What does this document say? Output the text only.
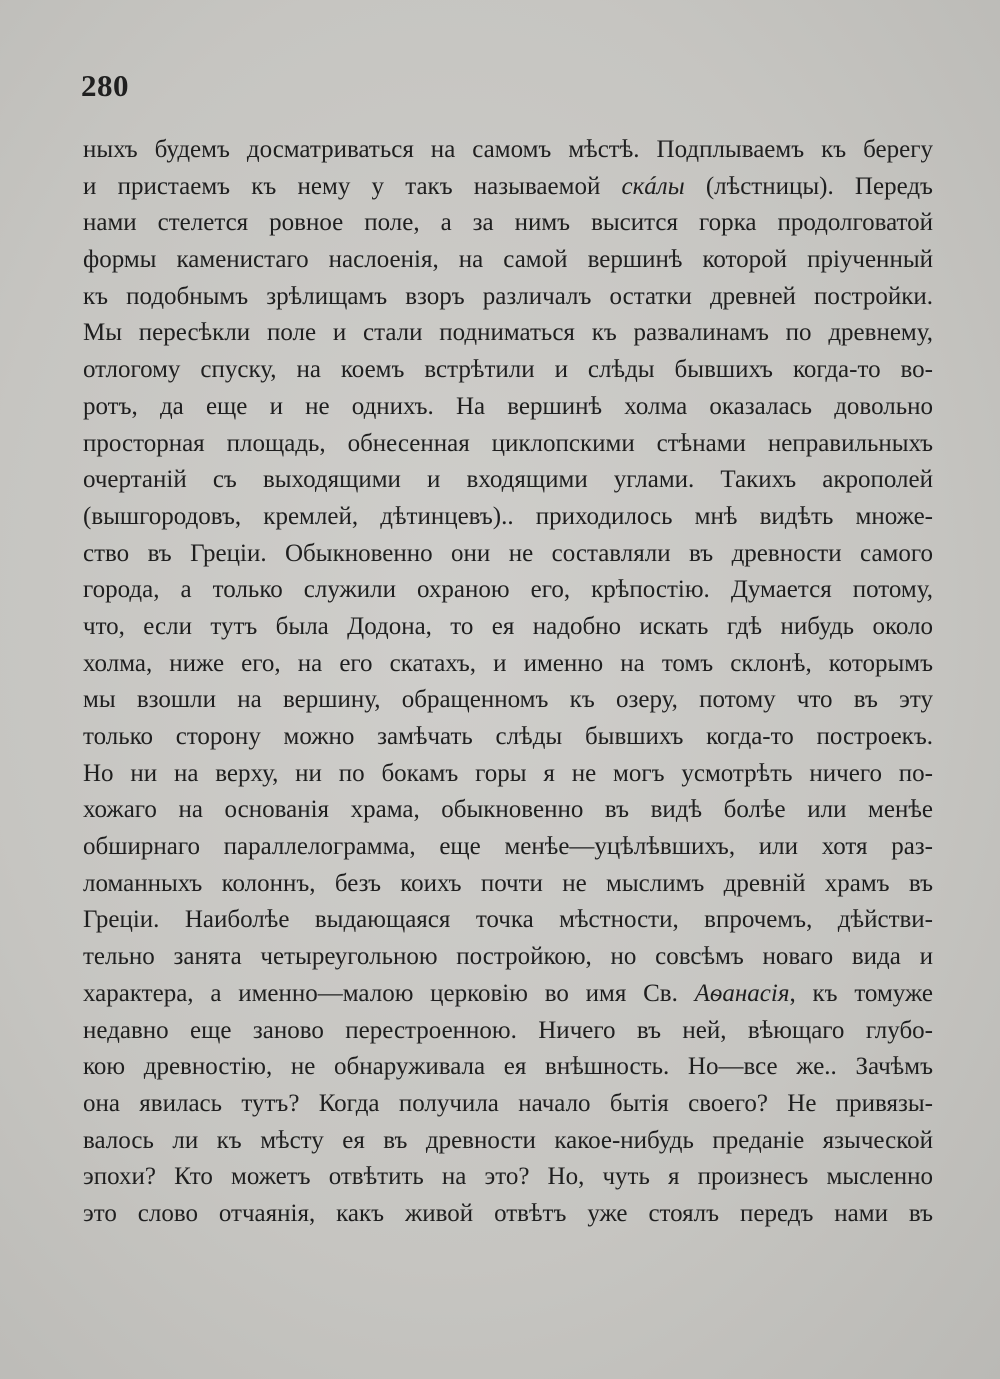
280
ныхъ будемъ досматриваться на самомъ мѣстѣ. Подплываемъ къ берегу
и пристаемъ къ нему у такъ называемой скáлы (лѣстницы). Передъ
нами стелется ровное поле, а за нимъ высится горка продолговатой
формы каменистаго наслоенія, на самой вершинѣ которой пріученный
къ подобнымъ зрѣлищамъ взоръ различалъ остатки древней постройки.
Мы пересѣкли поле и стали подниматься къ развалинамъ по древнему,
отлогому спуску, на коемъ встрѣтили и слѣды бывшихъ когда-то во-
ротъ, да еще и не однихъ. На вершинѣ холма оказалась довольно
просторная площадь, обнесенная циклопскими стѣнами неправильныхъ
очертаній съ выходящими и входящими углами. Такихъ акрополей
(вышгородовъ, кремлей, дѣтинцевъ).. приходилось мнѣ видѣть множе-
ство въ Греціи. Обыкновенно они не составляли въ древности самого
города, а только служили охраною его, крѣпостію. Думается потому,
что, если тутъ была Додона, то ея надобно искать гдѣ нибудь около
холма, ниже его, на его скатахъ, и именно на томъ склонѣ, которымъ
мы взошли на вершину, обращенномъ къ озеру, потому что въ эту
только сторону можно замѣчать слѣды бывшихъ когда-то построекъ.
Но ни на верху, ни по бокамъ горы я не могъ усмотрѣть ничего по-
хожаго на основанія храма, обыкновенно въ видѣ болѣе или менѣе
обширнаго параллелограмма, еще менѣе—уцѣлѣвшихъ, или хотя раз-
ломанныхъ колоннъ, безъ коихъ почти не мыслимъ древній храмъ въ
Греціи. Наиболѣе выдающаяся точка мѣстности, впрочемъ, дѣйстви-
тельно занята четыреугольною постройкою, но совсѣмъ новаго вида и
характера, а именно—малою церковію во имя Св. Аѳанасія, къ томуже
недавно еще заново перестроенною. Ничего въ ней, вѣющаго глубо-
кою древностію, не обнаруживала ея внѣшность. Но—все же.. Зачѣмъ
она явилась тутъ? Когда получила начало бытія своего? Не привязы-
валось ли къ мѣсту ея въ древности какое-нибудь преданіе языческой
эпохи? Кто можетъ отвѣтить на это? Но, чуть я произнесъ мысленно
это слово отчаянія, какъ живой отвѣтъ уже стоялъ передъ нами въ
